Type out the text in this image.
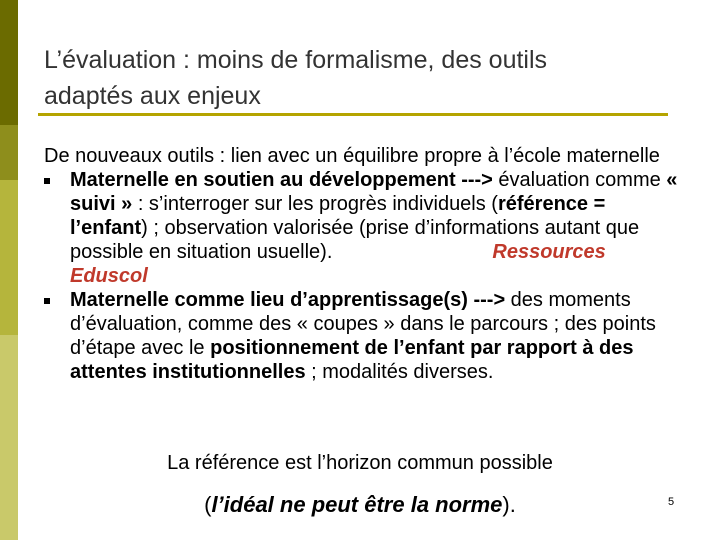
L’évaluation : moins de formalisme, des outils
adaptés aux enjeux

De nouveaux outils : lien avec un équilibre propre à l’école maternelle

Maternelle en soutien au développement ---> évaluation comme « suivi » : s’interroger sur les progrès individuels (référence = l’enfant) ; observation valorisée (prise d’informations autant que possible en situation usuelle).	Ressources Eduscol
Maternelle comme lieu d’apprentissage(s) ---> des moments d’évaluation, comme des « coupes » dans le parcours ; des points d’étape avec le positionnement de l’enfant par rapport à des attentes institutionnelles ; modalités diverses.
La référence est l’horizon commun possible
(l’idéal ne peut être la norme).	5
